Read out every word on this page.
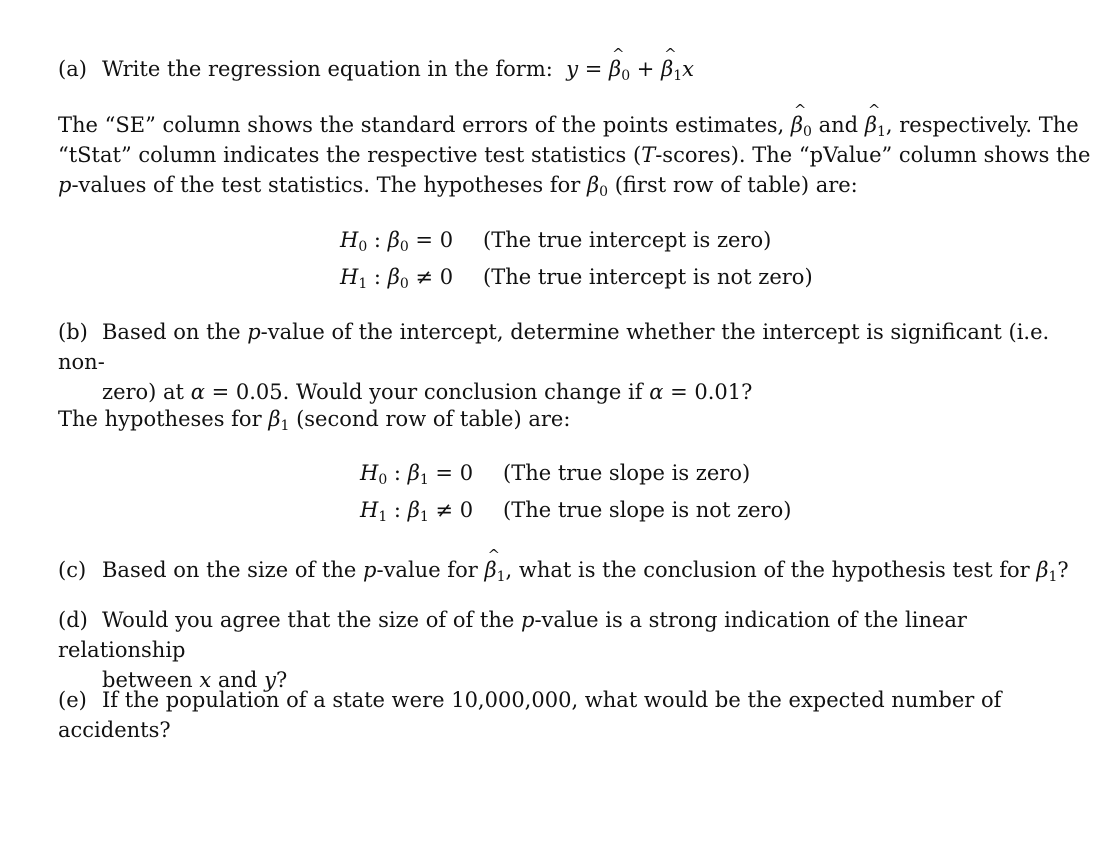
(a) Write the regression equation in the form: y = ^ $\beta_0$ + ^ $\beta_1x$
The “SE” column shows the standard errors of the points estimates, ^ $\beta_0$ and ^ $\beta_1$, respectively. The
“tStat” column indicates the respective test statistics (T-scores). The “pValue” column shows the
p-values of the test statistics. The hypotheses for $\beta_0$ (first row of table) are:
$H_0$ : $\beta_0 = 0$	(The true intercept is zero)
$H_1$ : $\beta_0 \ne 0$	(The true intercept is not zero)
(b) Based on the p-value of the intercept, determine whether the intercept is significant (i.e. non-
zero) at α = 0.05. Would your conclusion change if α = 0.01?
The hypotheses for $\beta_1$ (second row of table) are:
$H_0$ : $\beta_1 = 0$	(The true slope is zero)
$H_1$ : $\beta_1 \ne 0$	(The true slope is not zero)
(c) Based on the size of the p-value for ^ $\beta_1$, what is the conclusion of the hypothesis test for $\beta_1$?
(d) Would you agree that the size of of the p-value is a strong indication of the linear relationship
between x and y?
(e) If the population of a state were 10,000,000, what would be the expected number of accidents?
